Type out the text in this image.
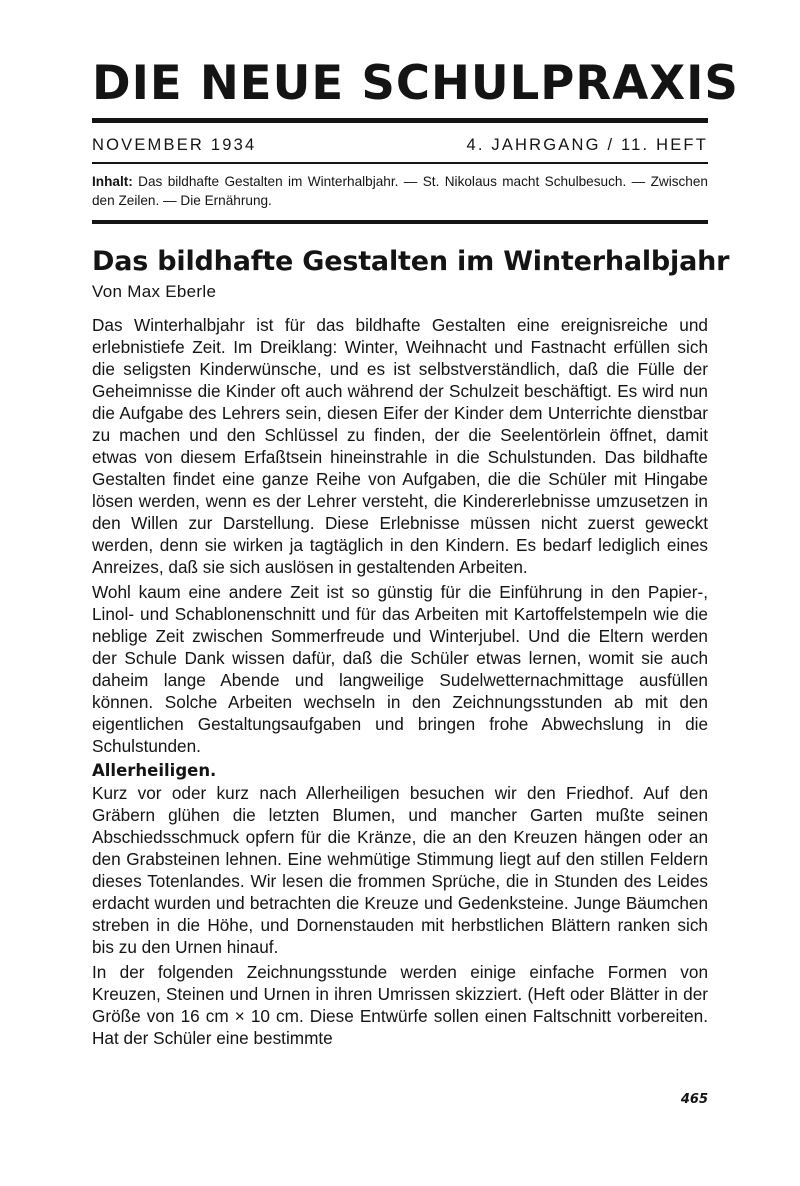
DIE NEUE SCHULPRAXIS
NOVEMBER 1934	4. JAHRGANG / 11. HEFT
Inhalt: Das bildhafte Gestalten im Winterhalbjahr. — St. Nikolaus macht Schulbesuch. — Zwischen den Zeilen. — Die Ernährung.
Das bildhafte Gestalten im Winterhalbjahr
Von Max Eberle

Das Winterhalbjahr ist für das bildhafte Gestalten eine ereignisreiche und erlebnistiefe Zeit. Im Dreiklang: Winter, Weihnacht und Fastnacht erfüllen sich die seligsten Kinderwünsche, und es ist selbstverständlich, daß die Fülle der Geheimnisse die Kinder oft auch während der Schulzeit beschäftigt. Es wird nun die Aufgabe des Lehrers sein, diesen Eifer der Kinder dem Unterrichte dienstbar zu machen und den Schlüssel zu finden, der die Seelentörlein öffnet, damit etwas von diesem Erfaßtsein hineinstrahle in die Schulstunden. Das bildhafte Gestalten findet eine ganze Reihe von Aufgaben, die die Schüler mit Hingabe lösen werden, wenn es der Lehrer versteht, die Kindererlebnisse umzusetzen in den Willen zur Darstellung. Diese Erlebnisse müssen nicht zuerst geweckt werden, denn sie wirken ja tagtäglich in den Kindern. Es bedarf lediglich eines Anreizes, daß sie sich auslösen in gestaltenden Arbeiten.

Wohl kaum eine andere Zeit ist so günstig für die Einführung in den Papier-, Linol- und Schablonenschnitt und für das Arbeiten mit Kartoffelstempeln wie die neblige Zeit zwischen Sommerfreude und Winterjubel. Und die Eltern werden der Schule Dank wissen dafür, daß die Schüler etwas lernen, womit sie auch daheim lange Abende und langweilige Sudelwetternachmittage ausfüllen können. Solche Arbeiten wechseln in den Zeichnungsstunden ab mit den eigentlichen Gestaltungsaufgaben und bringen frohe Abwechslung in die Schulstunden.

Allerheiligen.

Kurz vor oder kurz nach Allerheiligen besuchen wir den Friedhof. Auf den Gräbern glühen die letzten Blumen, und mancher Garten mußte seinen Abschiedsschmuck opfern für die Kränze, die an den Kreuzen hängen oder an den Grabsteinen lehnen. Eine wehmütige Stimmung liegt auf den stillen Feldern dieses Totenlandes. Wir lesen die frommen Sprüche, die in Stunden des Leides erdacht wurden und betrachten die Kreuze und Gedenksteine. Junge Bäumchen streben in die Höhe, und Dornenstauden mit herbstlichen Blättern ranken sich bis zu den Urnen hinauf.

In der folgenden Zeichnungsstunde werden einige einfache Formen von Kreuzen, Steinen und Urnen in ihren Umrissen skizziert. (Heft oder Blätter in der Größe von 16 cm × 10 cm. Diese Entwürfe sollen einen Faltschnitt vorbereiten. Hat der Schüler eine bestimmte

465
